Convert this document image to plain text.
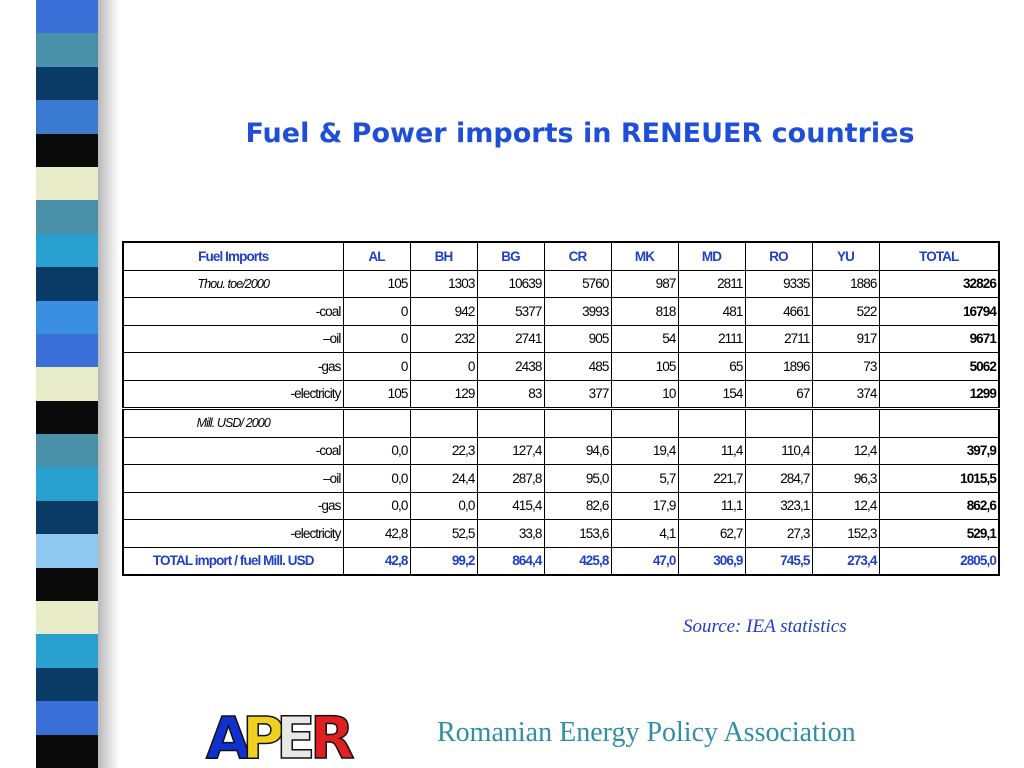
Fuel & Power imports in RENEUER countries
Fuel Imports	AL	BH	BG	CR	MK	MD	RO	YU	TOTAL
Thou. toe/2000	105	1303	10639	5760	987	2811	9335	1886	32826
-coal	0	942	5377	3993	818	481	4661	522	16794
–oil	0	232	2741	905	54	2111	2711	917	9671
-gas	0	0	2438	485	105	65	1896	73	5062
-electricity	105	129	83	377	10	154	67	374	1299
Mill. USD/ 2000									
-coal	0,0	22,3	127,4	94,6	19,4	11,4	110,4	12,4	397,9
–oil	0,0	24,4	287,8	95,0	5,7	221,7	284,7	96,3	1015,5
-gas	0,0	0,0	415,4	82,6	17,9	11,1	323,1	12,4	862,6
-electricity	42,8	52,5	33,8	153,6	4,1	62,7	27,3	152,3	529,1
TOTAL import / fuel Mill. USD	42,8	99,2	864,4	425,8	47,0	306,9	745,5	273,4	2805,0
Source: IEA statistics
A
P
E
R	Romanian Energy Policy Association
